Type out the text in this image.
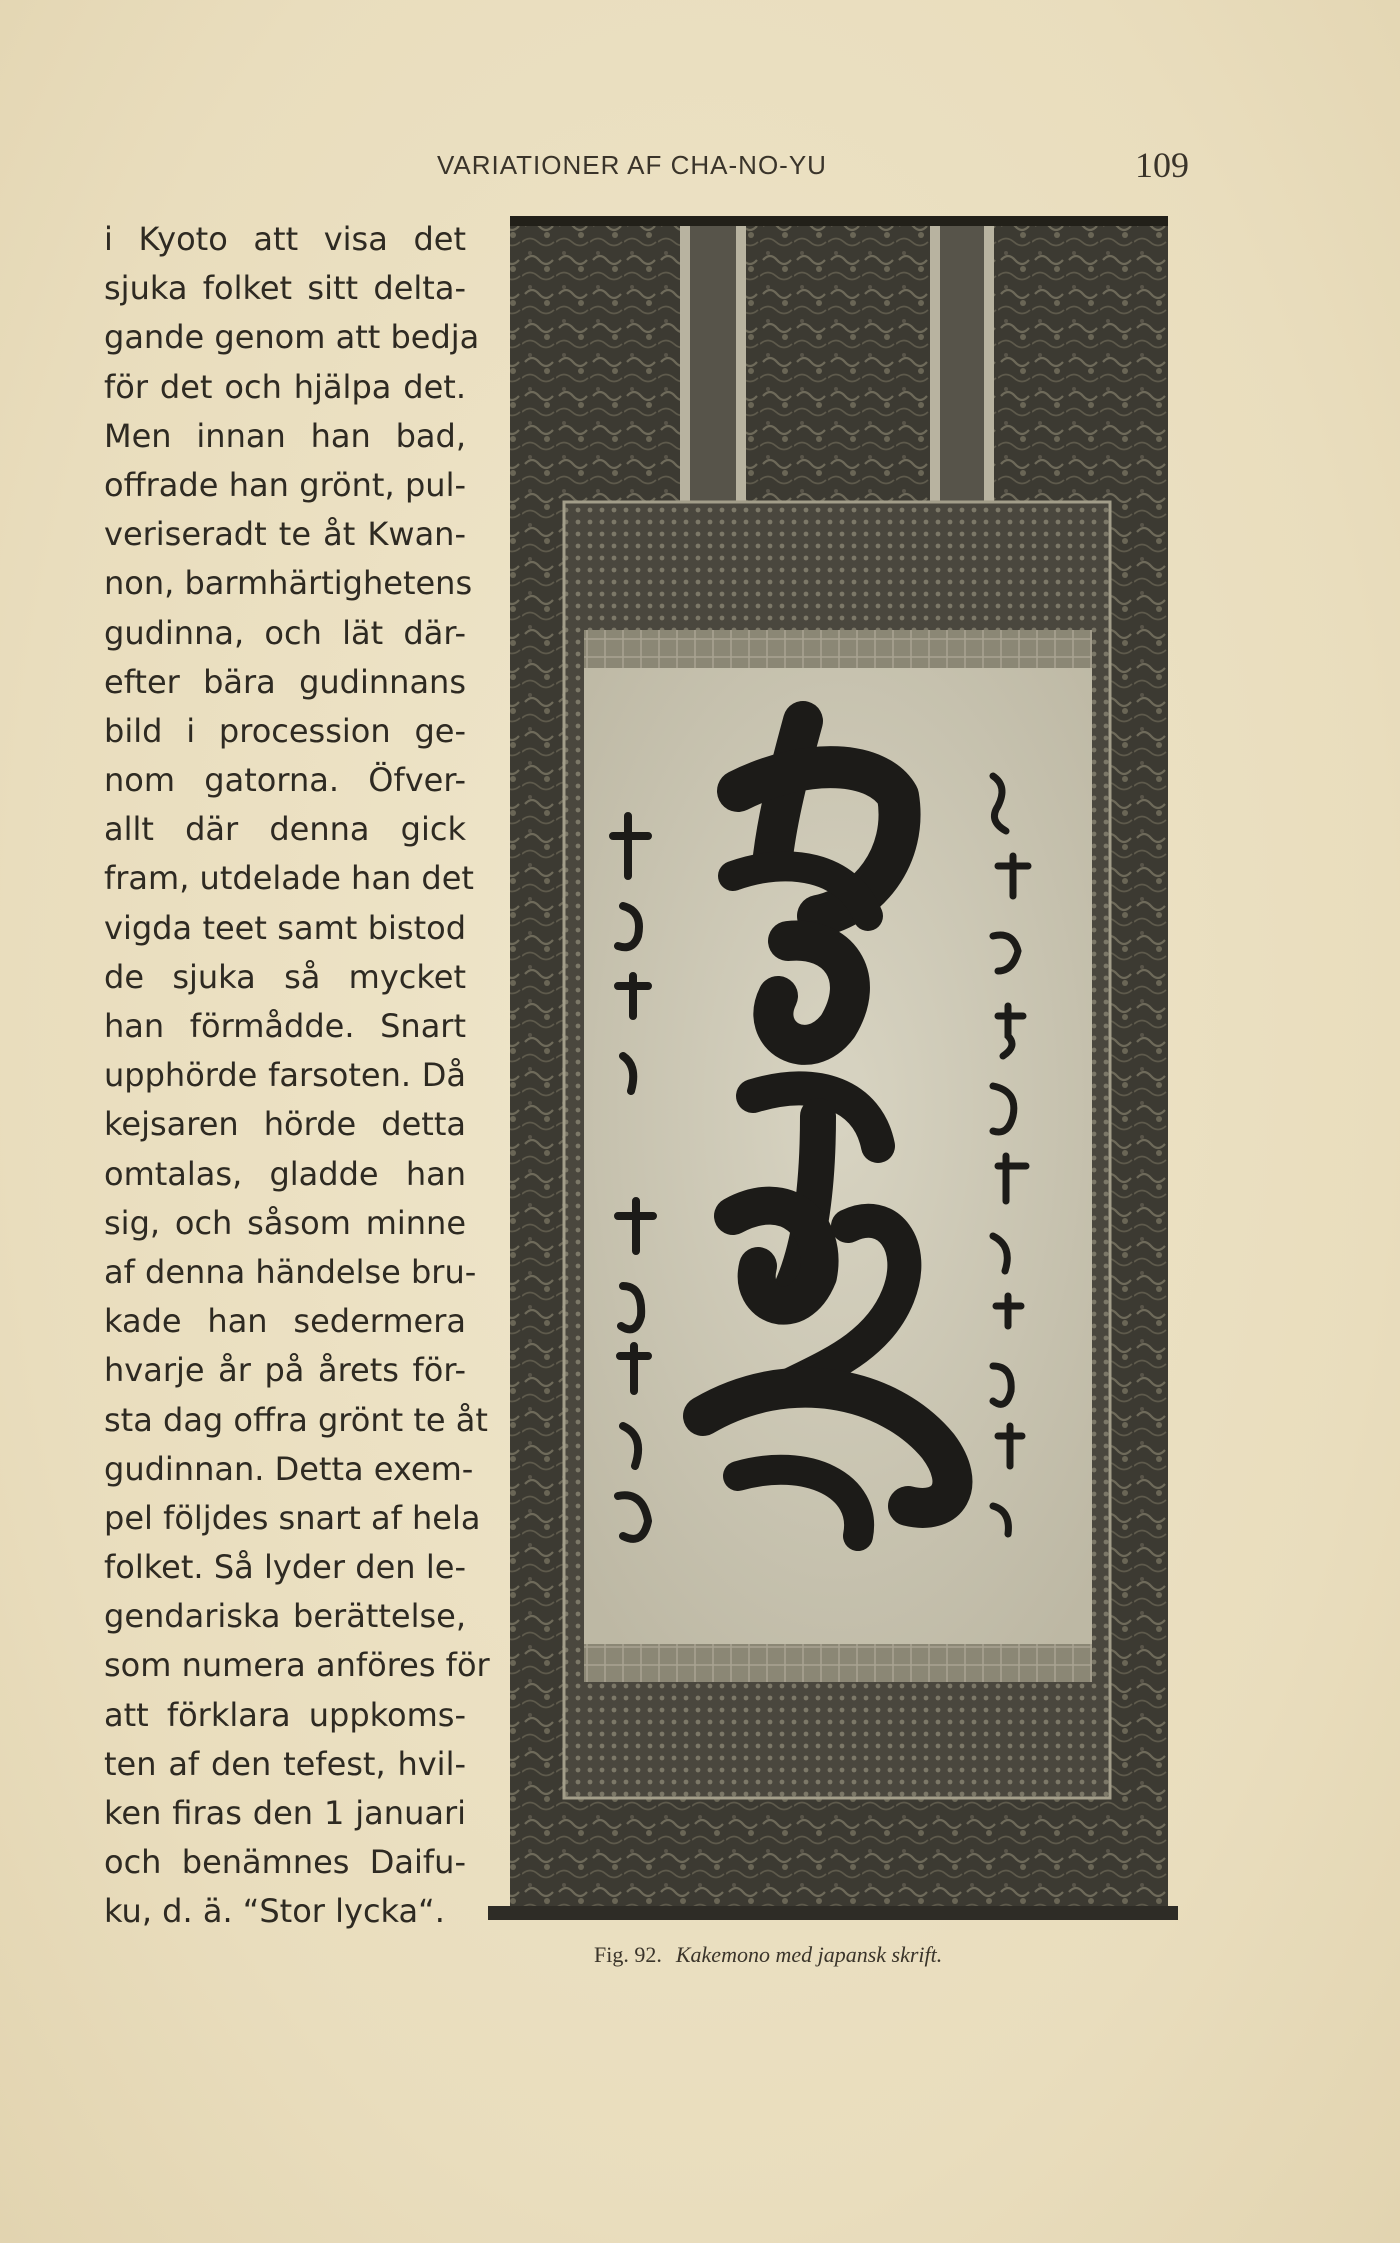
VARIATIONER AF CHA-NO-YU	109
i Kyoto att visa det
sjuka folket sitt delta-
gande genom att bedja
för det och hjälpa det.
Men innan han bad,
offrade han grönt, pul-
veriseradt te åt Kwan-
non, barmhärtighetens
gudinna, och lät där-
efter bära gudinnans
bild i procession ge-
nom gatorna. Öfver-
allt där denna gick
fram, utdelade han det
vigda teet samt bistod
de sjuka så mycket
han förmådde. Snart
upphörde farsoten. Då
kejsaren hörde detta
omtalas, gladde han
sig, och såsom minne
af denna händelse bru-
kade han sedermera
hvarje år på årets för-
sta dag offra grönt te åt
gudinnan. Detta exem-
pel följdes snart af hela
folket. Så lyder den le-
gendariska berättelse,
som numera anföres för
att förklara uppkoms-
ten af den tefest, hvil-
ken firas den 1 januari
och benämnes Daifu-
ku, d. ä. “Stor lycka“.
Fig. 92. Kakemono med japansk skrift.
